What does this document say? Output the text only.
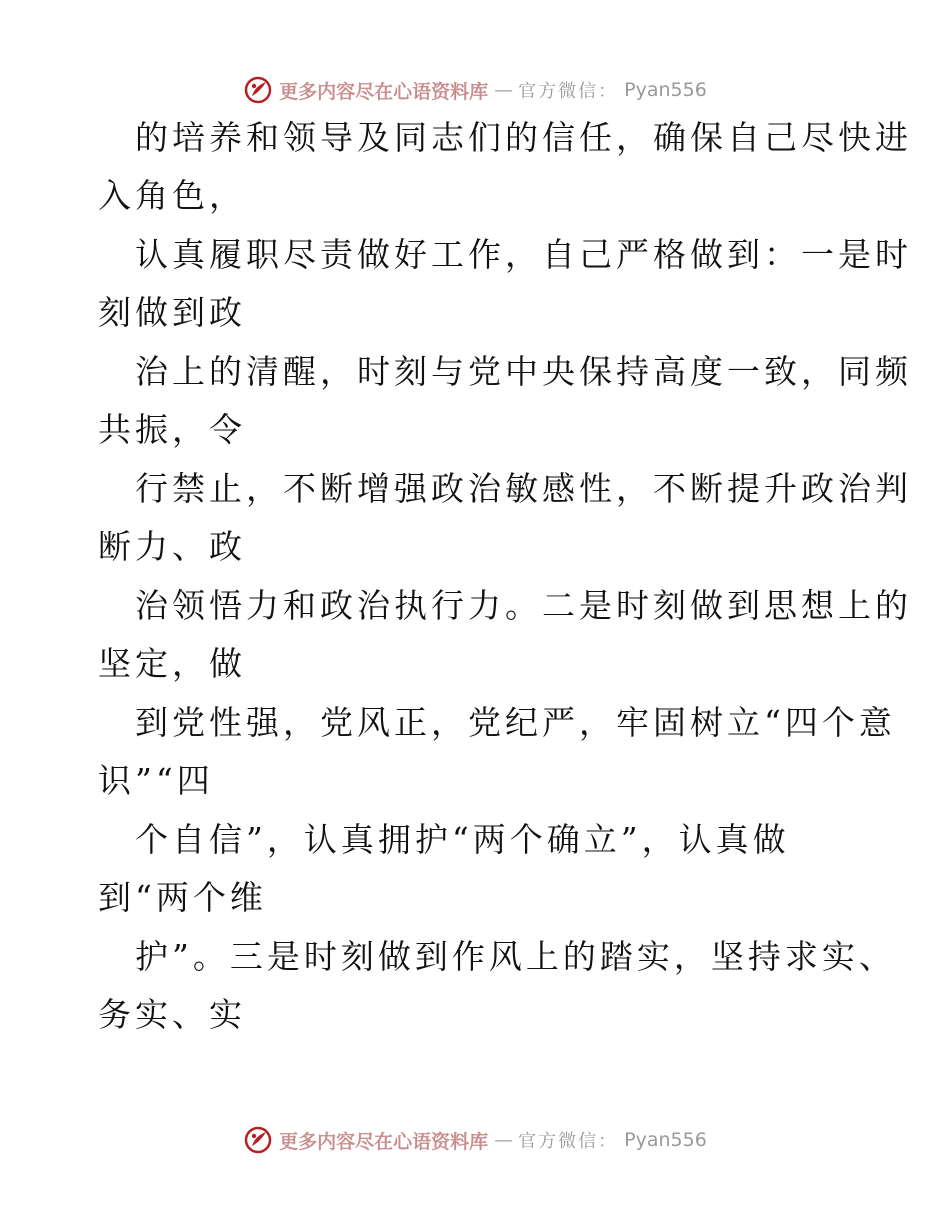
更多内容尽在心语资料库 — 官方微信： Pyan556
的培养和领导及同志们的信任，确保自己尽快进
入角色，
认真履职尽责做好工作，自己严格做到：一是时
刻做到政
治上的清醒，时刻与党中央保持高度一致，同频
共振，令
行禁止，不断增强政治敏感性，不断提升政治判
断力、政
治领悟力和政治执行力。二是时刻做到思想上的
坚定，做
到党性强，党风正，党纪严，牢固树立“四个意
识”“四
个自信”，认真拥护“两个确立”，认真做
到“两个维
护”。三是时刻做到作风上的踏实，坚持求实、
务实、实
更多内容尽在心语资料库 — 官方微信： Pyan556
